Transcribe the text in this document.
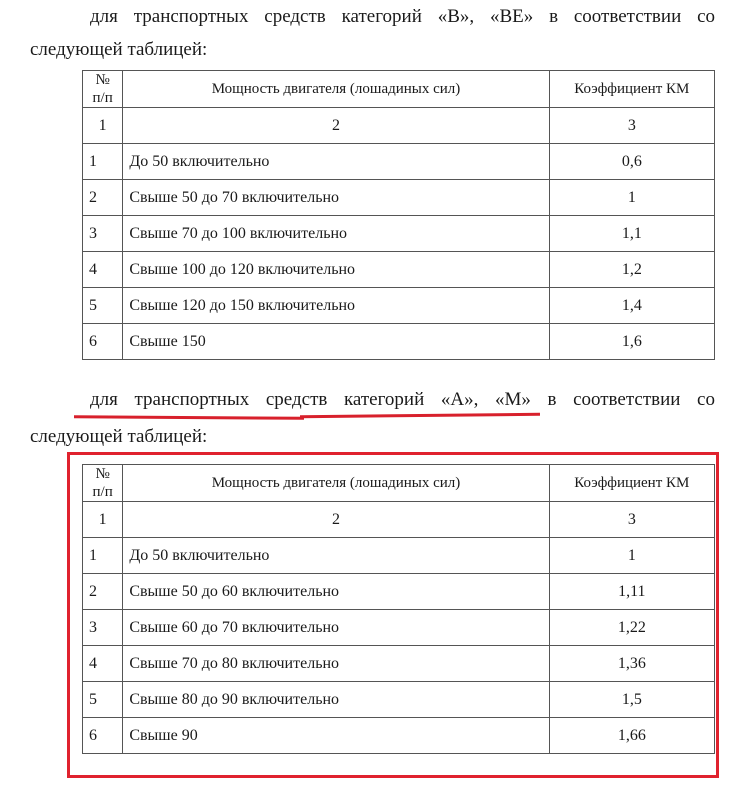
для транспортных средств категорий «В», «ВЕ» в соответствии со
следующей таблицей:
№ п/п	Мощность двигателя (лошадиных сил)	Коэффициент КМ
1	2	3
1	До 50 включительно	0,6
2	Свыше 50 до 70 включительно	1
3	Свыше 70 до 100 включительно	1,1
4	Свыше 100 до 120 включительно	1,2
5	Свыше 120 до 150 включительно	1,4
6	Свыше 150	1,6
для транспортных средств категорий «А», «М» в соответствии со
следующей таблицей:
№ п/п	Мощность двигателя (лошадиных сил)	Коэффициент КМ
1	2	3
1	До 50 включительно	1
2	Свыше 50 до 60 включительно	1,11
3	Свыше 60 до 70 включительно	1,22
4	Свыше 70 до 80 включительно	1,36
5	Свыше 80 до 90 включительно	1,5
6	Свыше 90	1,66
